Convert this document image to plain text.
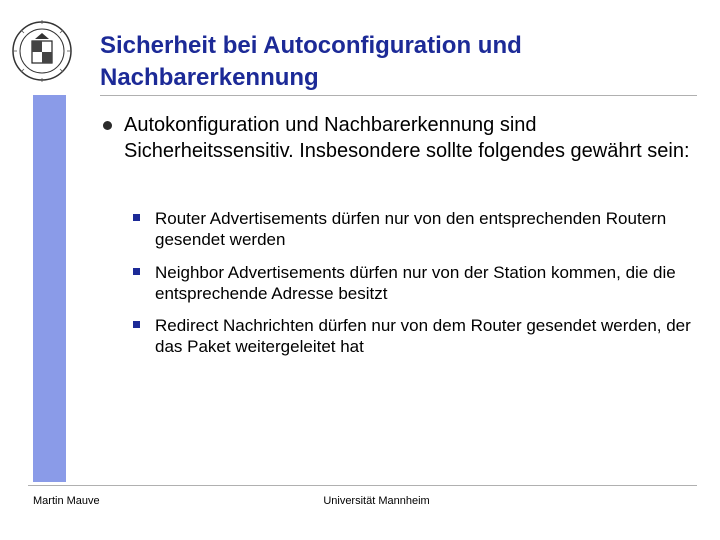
Sicherheit bei Autoconfiguration und Nachbarerkennung
Autokonfiguration und Nachbarerkennung sind Sicherheitssensitiv. Insbesondere sollte folgendes gewährt sein:
Router Advertisements dürfen nur von den entsprechenden Routern gesendet werden
Neighbor Advertisements dürfen nur von der Station kommen, die die entsprechende Adresse besitzt
Redirect Nachrichten dürfen nur von dem Router gesendet werden, der das Paket weitergeleitet hat
Martin Mauve	Universität Mannheim
